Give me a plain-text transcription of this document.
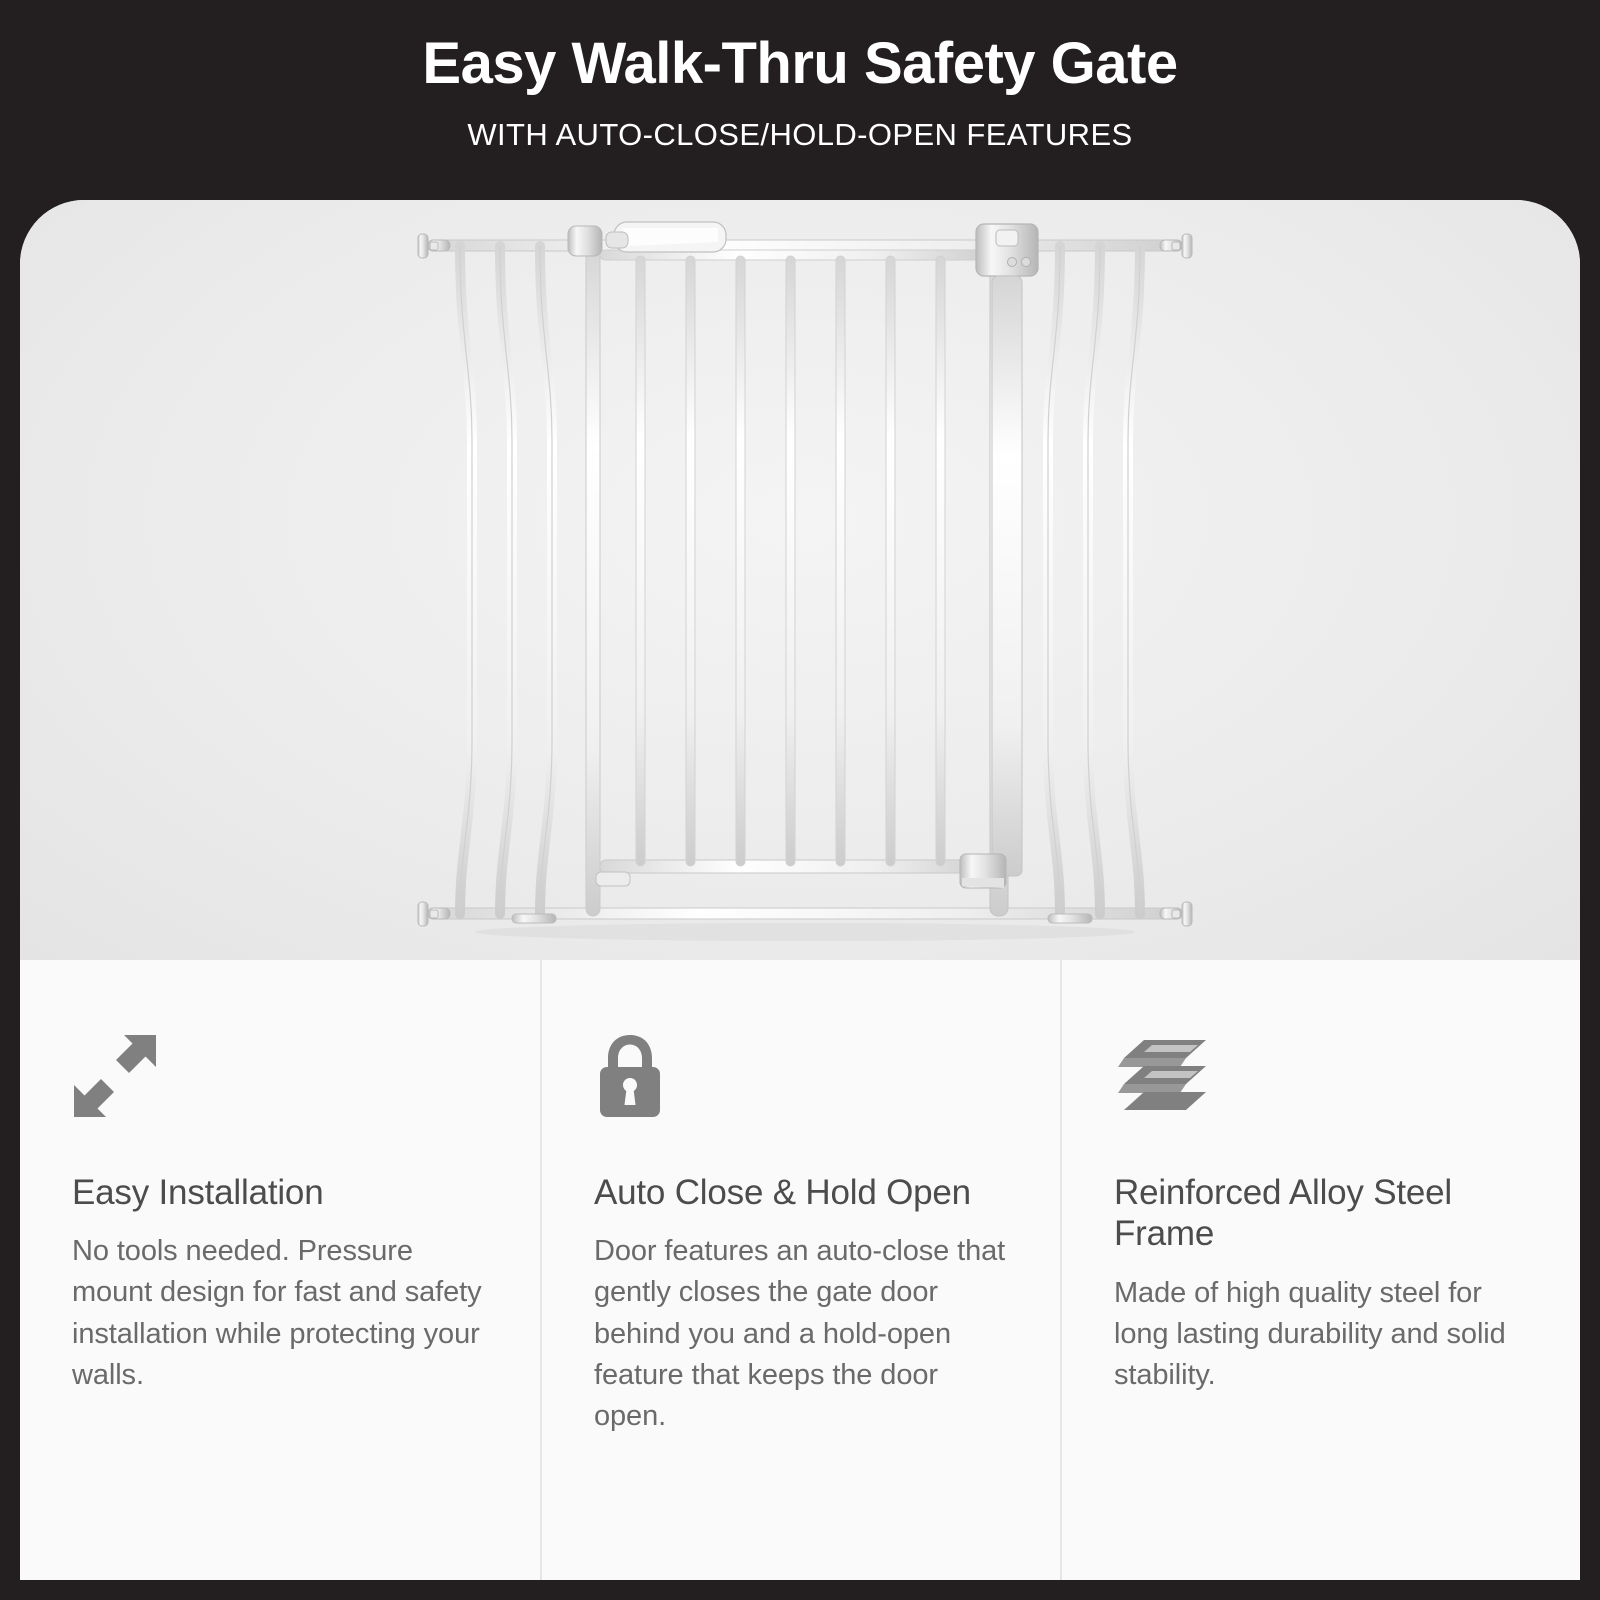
Easy Walk-Thru Safety Gate
WITH AUTO-CLOSE/HOLD-OPEN FEATURES
Easy Installation
No tools needed. Pressure mount design for fast and safety installation while protecting your walls.
Auto Close & Hold Open
Door features an auto-close that gently closes the gate door behind you and a hold-open feature that keeps the door open.
Reinforced Alloy Steel Frame
Made of high quality steel for long lasting durability and solid stability.
